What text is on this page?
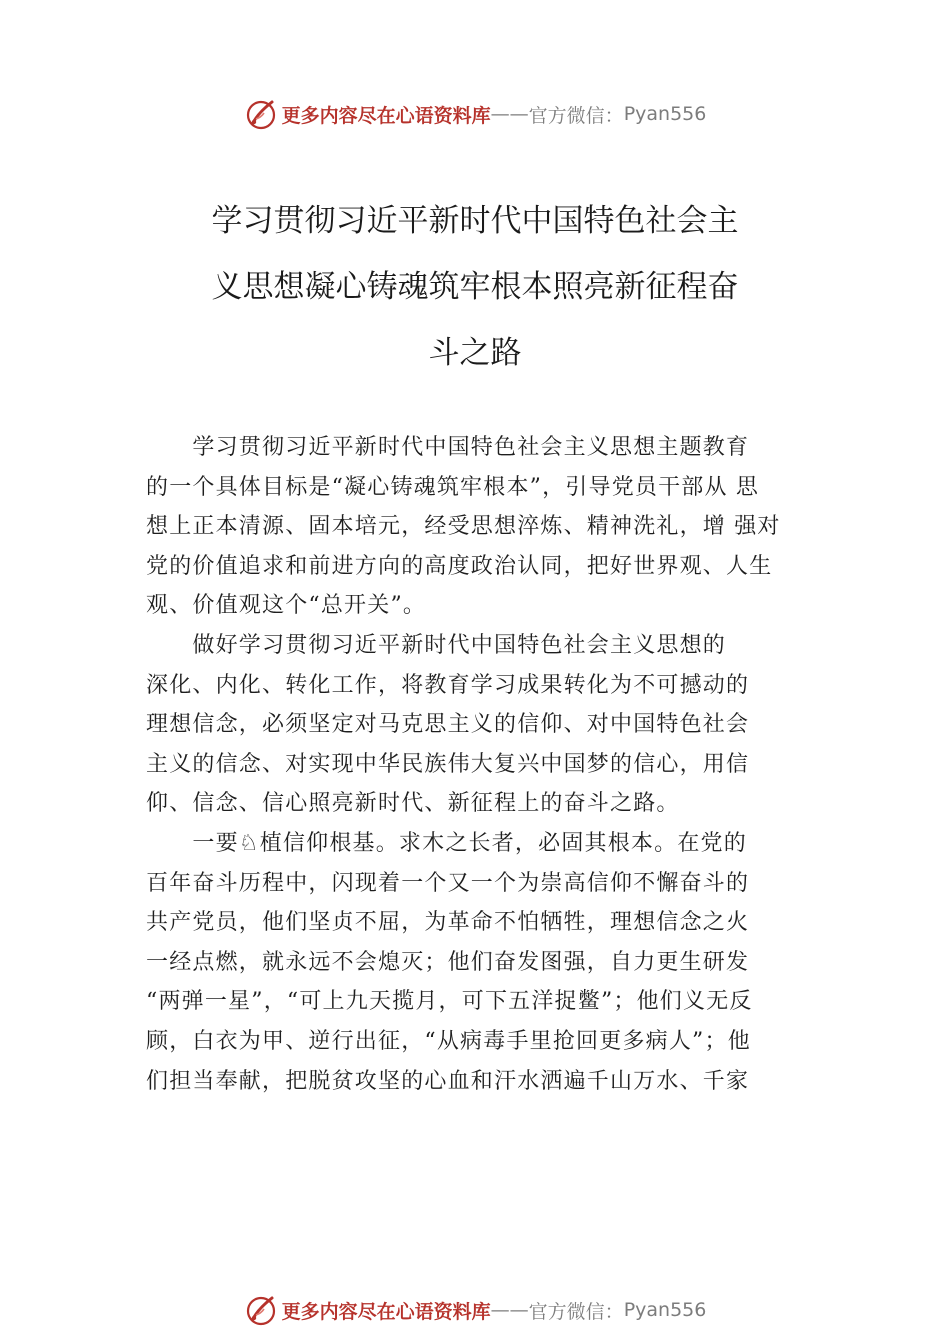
更多内容尽在心语资料库 —— 官方微信： Pyan556
学习贯彻习近平新时代中国特色社会主
义思想凝心铸魂筑牢根本照亮新征程奋
斗之路
　　学习贯彻习近平新时代中国特色社会主义思想主题教育
的一个具体目标是“凝心铸魂筑牢根本”，引导党员干部从 思
想上正本清源、固本培元，经受思想淬炼、精神洗礼，增 强对
党的价值追求和前进方向的高度政治认同，把好世界观、人生
观、价值观这个“总开关”。
　　做好学习贯彻习近平新时代中国特色社会主义思想的
深化、内化、转化工作，将教育学习成果转化为不可撼动的
理想信念，必须坚定对马克思主义的信仰、对中国特色社会
主义的信念、对实现中华民族伟大复兴中国梦的信心，用信
仰、信念、信心照亮新时代、新征程上的奋斗之路。
　　一要♘植信仰根基。求木之长者，必固其根本。在党的
百年奋斗历程中，闪现着一个又一个为崇高信仰不懈奋斗的
共产党员，他们坚贞不屈，为革命不怕牺牲，理想信念之火
一经点燃，就永远不会熄灭；他们奋发图强，自力更生研发
“两弹一星”，“可上九天揽月，可下五洋捉鳖”；他们义无反
顾，白衣为甲、逆行出征，“从病毒手里抢回更多病人”；他
们担当奉献，把脱贫攻坚的心血和汗水洒遍千山万水、千家
更多内容尽在心语资料库 —— 官方微信： Pyan556
